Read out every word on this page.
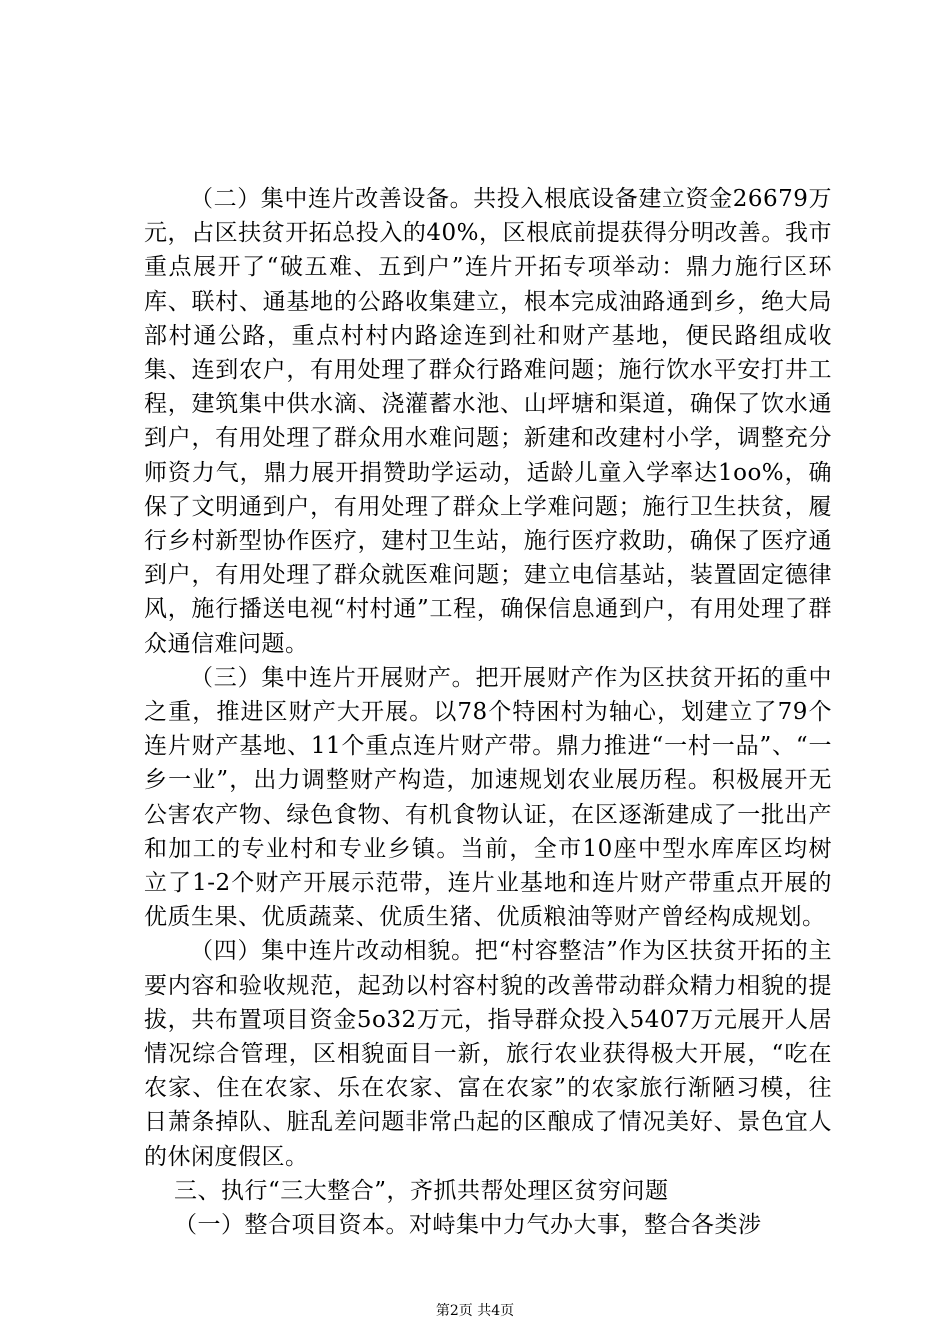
（二）集中连片改善设备。共投入根底设备建立资金26679万元，占区扶贫开拓总投入的40%，区根底前提获得分明改善。我市重点展开了“破五难、五到户”连片开拓专项举动：鼎力施行区环库、联村、通基地的公路收集建立，根本完成油路通到乡，绝大局部村通公路，重点村村内路途连到社和财产基地，便民路组成收集、连到农户，有用处理了群众行路难问题；施行饮水平安打井工程，建筑集中供水滴、浇灌蓄水池、山坪塘和渠道，确保了饮水通到户，有用处理了群众用水难问题；新建和改建村小学，调整充分师资力气，鼎力展开捐赞助学运动，适龄儿童入学率达1oo%，确保了文明通到户，有用处理了群众上学难问题；施行卫生扶贫，履行乡村新型协作医疗，建村卫生站，施行医疗救助，确保了医疗通到户，有用处理了群众就医难问题；建立电信基站，装置固定德律风，施行播送电视“村村通”工程，确保信息通到户，有用处理了群众通信难问题。

（三）集中连片开展财产。把开展财产作为区扶贫开拓的重中之重，推进区财产大开展。以78个特困村为轴心，划建立了79个连片财产基地、11个重点连片财产带。鼎力推进“一村一品”、“一乡一业”，出力调整财产构造，加速规划农业展历程。积极展开无公害农产物、绿色食物、有机食物认证，在区逐渐建成了一批出产和加工的专业村和专业乡镇。当前，全市10座中型水库库区均树立了1-2个财产开展示范带，连片业基地和连片财产带重点开展的优质生果、优质蔬菜、优质生猪、优质粮油等财产曾经构成规划。

（四）集中连片改动相貌。把“村容整洁”作为区扶贫开拓的主要内容和验收规范，起劲以村容村貌的改善带动群众精力相貌的提拔，共布置项目资金5o32万元，指导群众投入5407万元展开人居情况综合管理，区相貌面目一新，旅行农业获得极大开展，“吃在农家、住在农家、乐在农家、富在农家”的农家旅行渐陋习模，往日萧条掉队、脏乱差问题非常凸起的区酿成了情况美好、景色宜人的休闲度假区。

三、执行“三大整合”，齐抓共帮处理区贫穷问题

（一）整合项目资本。对峙集中力气办大事，整合各类涉

第2页 共4页
